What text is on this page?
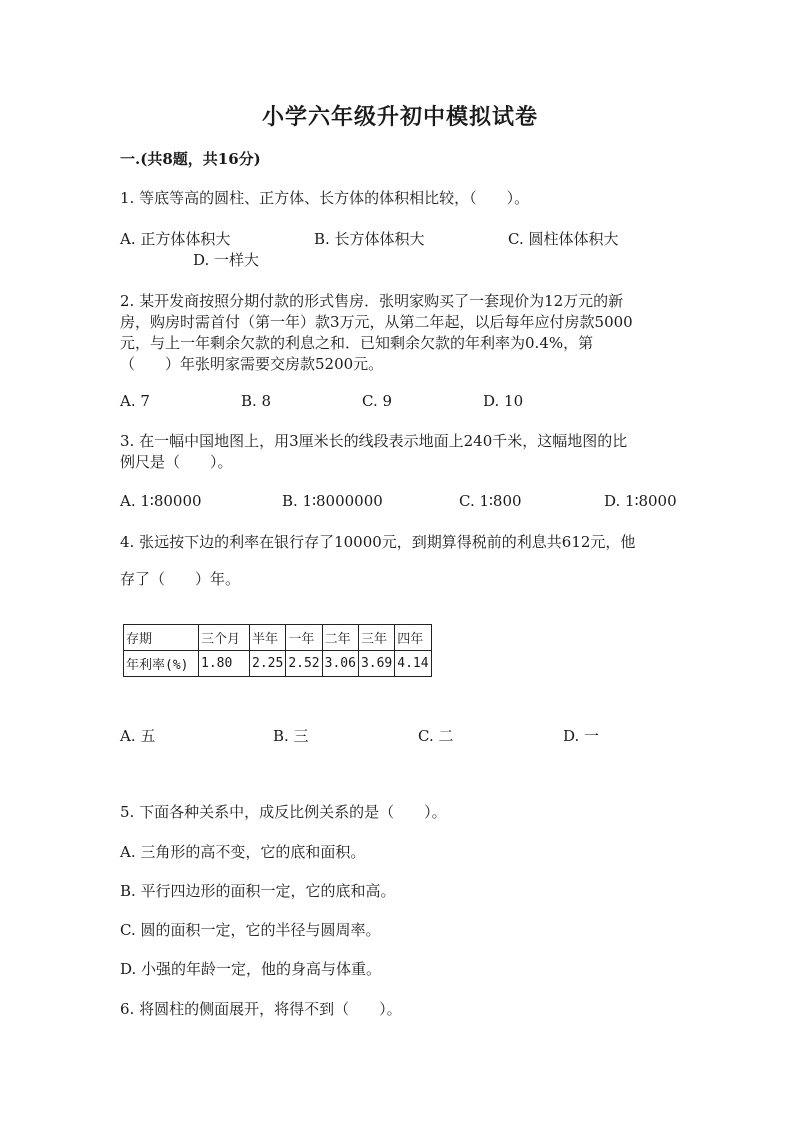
小学六年级升初中模拟试卷
一.(共8题，共16分)
1. 等底等高的圆柱、正方体、长方体的体积相比较，（　　）。
A. 正方体体积大	B. 长方体体积大	C. 圆柱体体积大
D. 一样大
2. 某开发商按照分期付款的形式售房．张明家购买了一套现价为12万元的新
房，购房时需首付（第一年）款3万元，从第二年起，以后每年应付房款5000
元，与上一年剩余欠款的利息之和．已知剩余欠款的年利率为0.4%，第
（　　）年张明家需要交房款5200元。
A. 7	B. 8	C. 9	D. 10
3. 在一幅中国地图上，用3厘米长的线段表示地面上240千米，这幅地图的比
例尺是（　　）。
A. 1∶80000	B. 1∶8000000	C. 1∶800	D. 1∶8000
4. 张远按下边的利率在银行存了10000元，到期算得税前的利息共612元，他
存了（　　）年。
存期	三个月	半年	一年	二年	三年	四年
年利率(%)	1.80	2.25	2.52	3.06	3.69	4.14
A. 五	B. 三	C. 二	D. 一
5. 下面各种关系中，成反比例关系的是（　　）。
A. 三角形的高不变，它的底和面积。
B. 平行四边形的面积一定，它的底和高。
C. 圆的面积一定，它的半径与圆周率。
D. 小强的年龄一定，他的身高与体重。
6. 将圆柱的侧面展开，将得不到（　　）。
